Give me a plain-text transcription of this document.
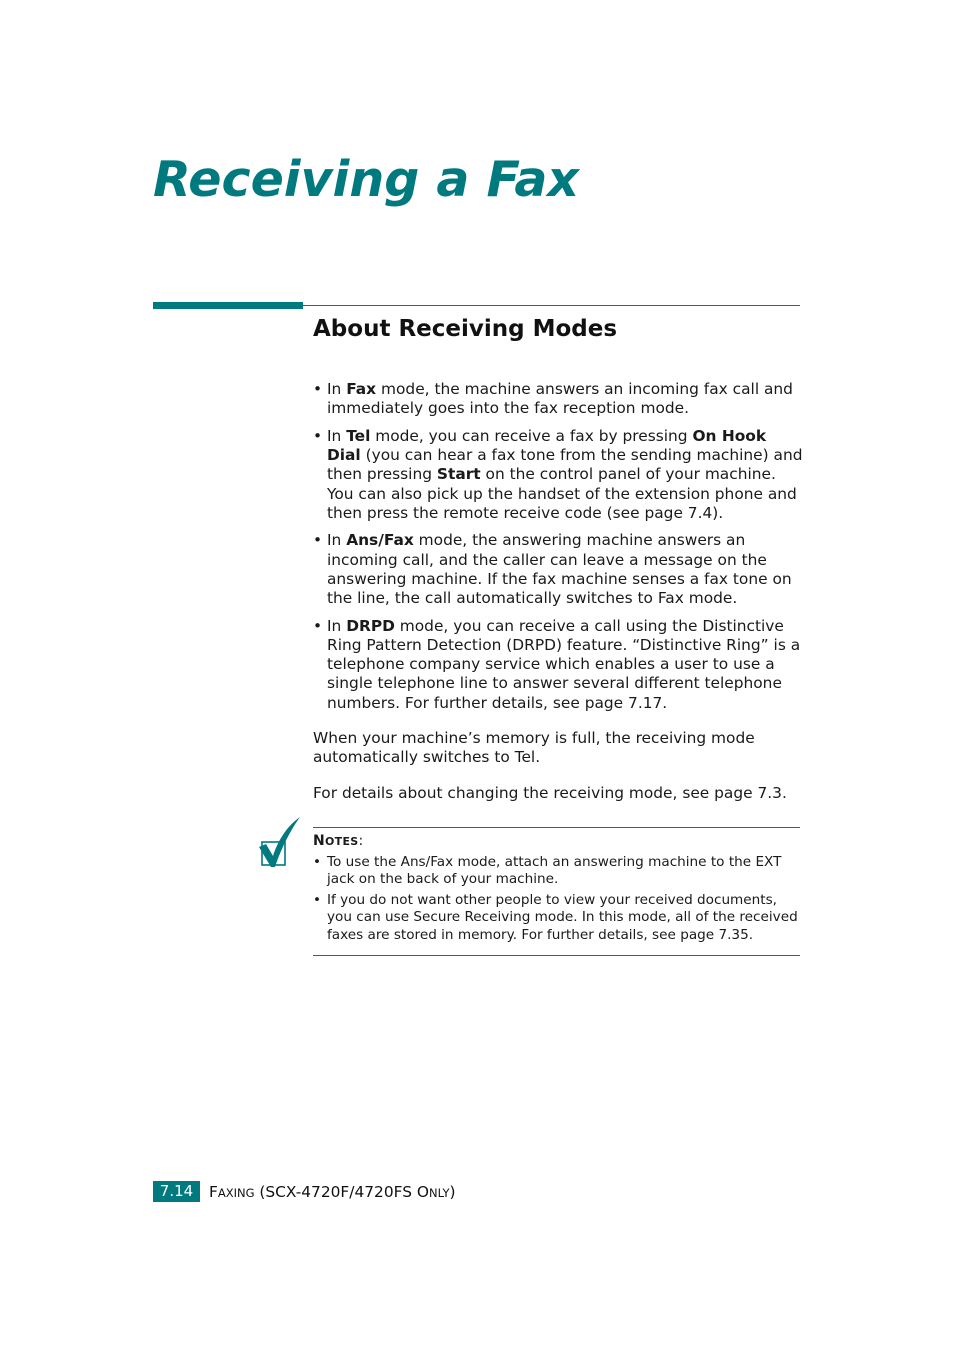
Receiving a Fax
About Receiving Modes
• In Fax mode, the machine answers an incoming fax call and immediately goes into the fax reception mode.
• In Tel mode, you can receive a fax by pressing On Hook Dial (you can hear a fax tone from the sending machine) and then pressing Start on the control panel of your machine. You can also pick up the handset of the extension phone and then press the remote receive code (see page 7.4).
• In Ans/Fax mode, the answering machine answers an incoming call, and the caller can leave a message on the answering machine. If the fax machine senses a fax tone on the line, the call automatically switches to Fax mode.
• In DRPD mode, you can receive a call using the Distinctive Ring Pattern Detection (DRPD) feature. “Distinctive Ring” is a telephone company service which enables a user to use a single telephone line to answer several different telephone numbers. For further details, see page 7.17.

When your machine’s memory is full, the receiving mode automatically switches to Tel.

For details about changing the receiving mode, see page 7.3.

NOTES:

• To use the Ans/Fax mode, attach an answering machine to the EXT jack on the back of your machine.
• If you do not want other people to view your received documents, you can use Secure Receiving mode. In this mode, all of the received faxes are stored in memory. For further details, see page 7.35.
7.14	FAXING (SCX-4720F/4720FS ONLY)
